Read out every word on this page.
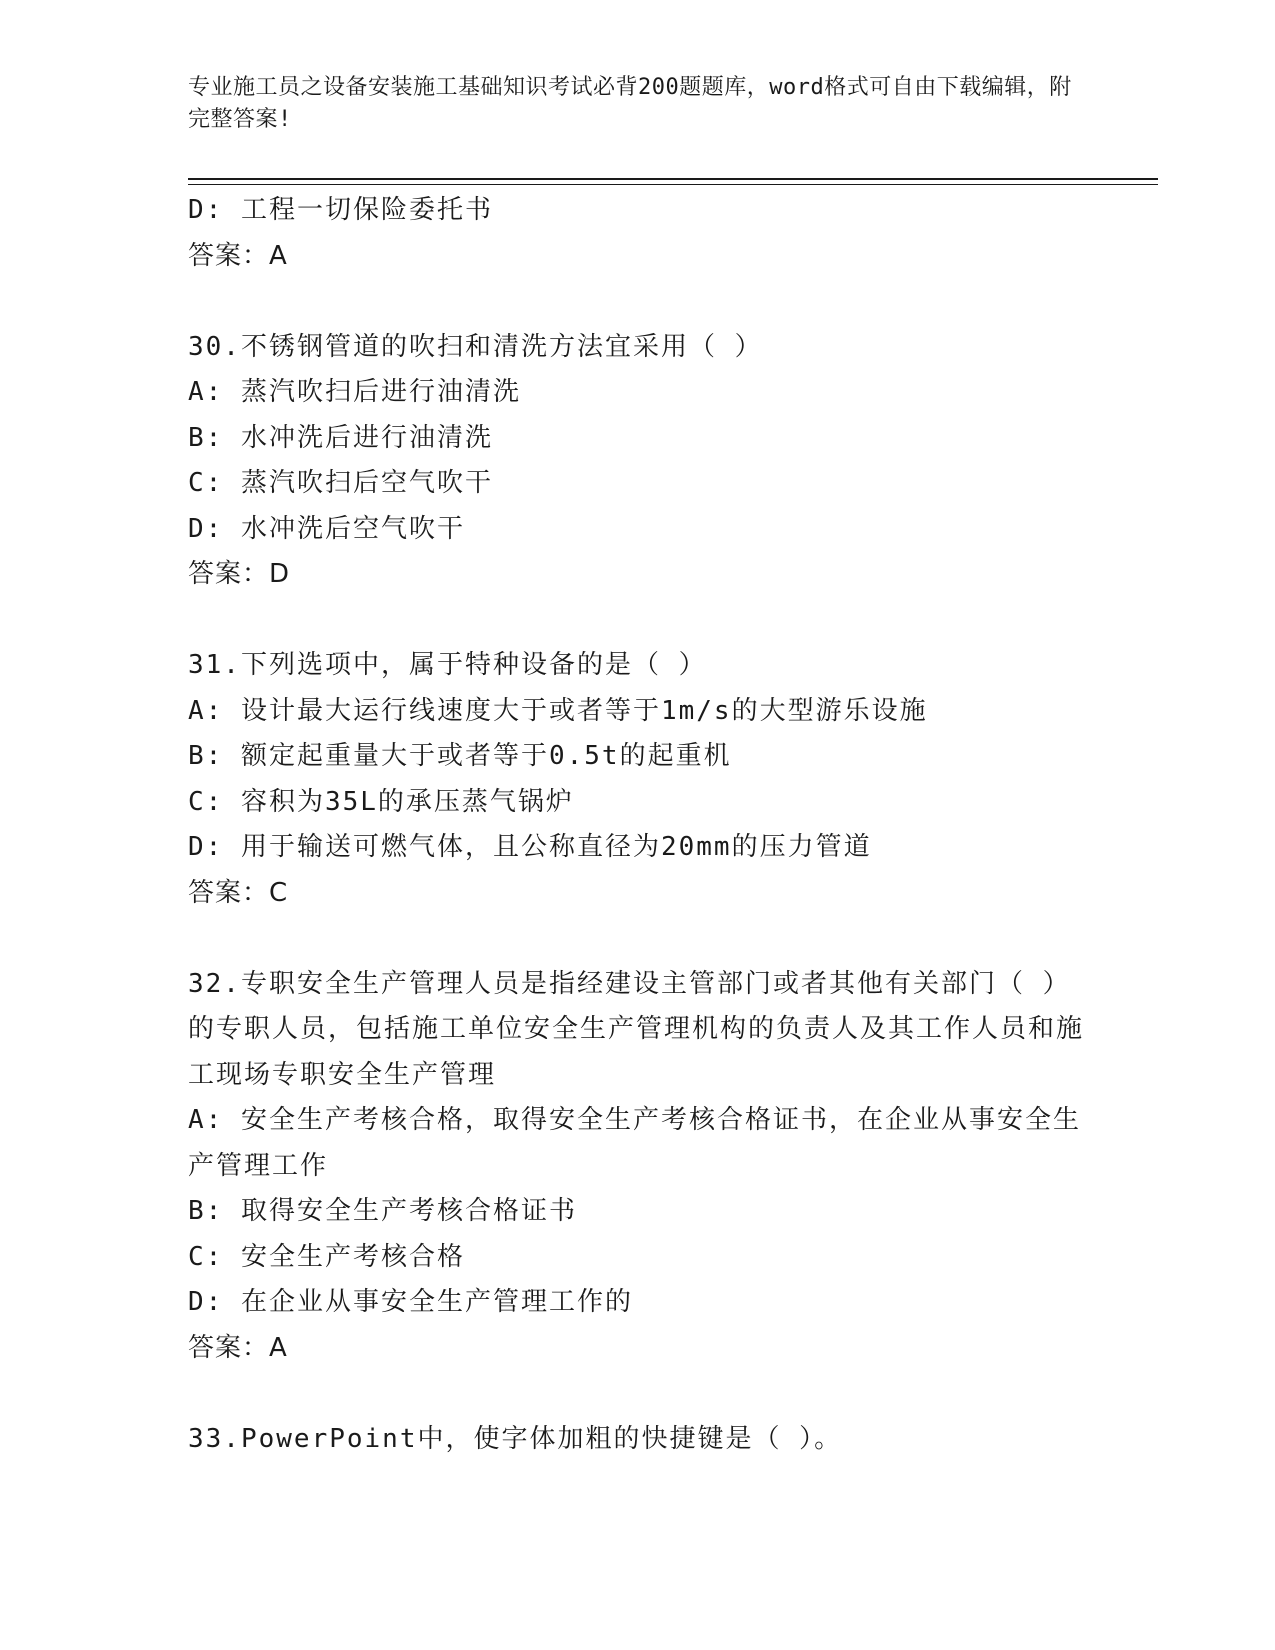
专业施工员之设备安装施工基础知识考试必背200题题库，word格式可自由下载编辑，附完整答案!
D: 工程一切保险委托书
答案：A
30.不锈钢管道的吹扫和清洗方法宜采用（ ）
A: 蒸汽吹扫后进行油清洗
B: 水冲洗后进行油清洗
C: 蒸汽吹扫后空气吹干
D: 水冲洗后空气吹干
答案：D
31.下列选项中，属于特种设备的是（ ）
A: 设计最大运行线速度大于或者等于1m/s的大型游乐设施
B: 额定起重量大于或者等于0.5t的起重机
C: 容积为35L的承压蒸气锅炉
D: 用于输送可燃气体，且公称直径为20mm的压力管道
答案：C
32.专职安全生产管理人员是指经建设主管部门或者其他有关部门（ ）的专职人员，包括施工单位安全生产管理机构的负责人及其工作人员和施工现场专职安全生产管理
A: 安全生产考核合格，取得安全生产考核合格证书，在企业从事安全生产管理工作
B: 取得安全生产考核合格证书
C: 安全生产考核合格
D: 在企业从事安全生产管理工作的
答案：A
33.PowerPoint中，使字体加粗的快捷键是（ ）。
